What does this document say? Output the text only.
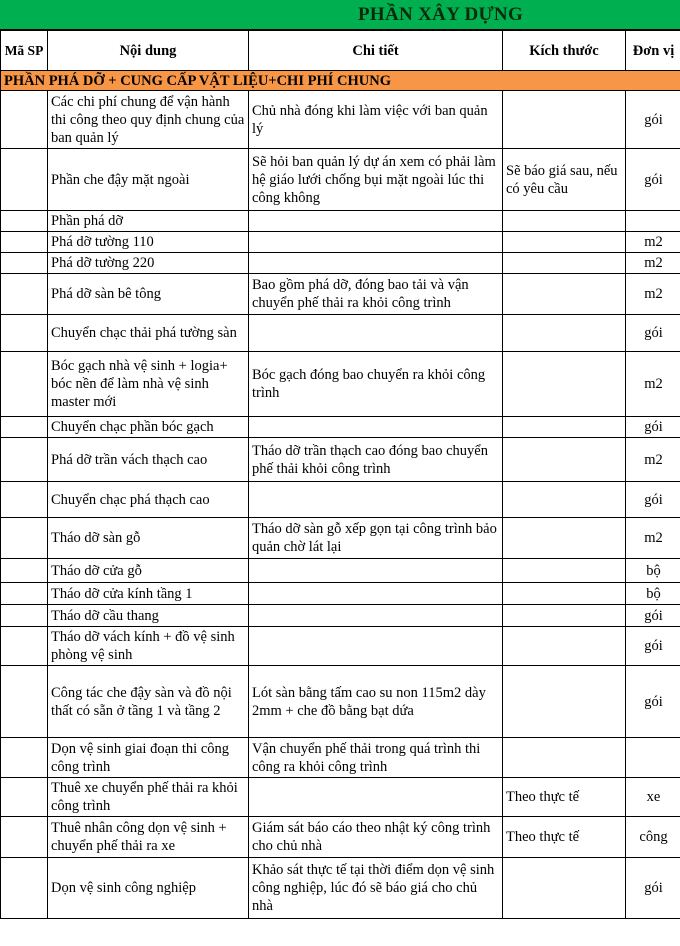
PHẦN XÂY DỰNG
Mã SP	Nội dung	Chi tiết	Kích thước	Đơn vị
PHẦN PHÁ DỠ + CUNG CẤP VẬT LIỆU+CHI PHÍ CHUNG				
	Các chi phí chung để vận hành thi công theo quy định chung của ban quản lý	Chủ nhà đóng khi làm việc với ban quản lý		gói
	Phần che đậy mặt ngoài	Sẽ hỏi ban quản lý dự án xem có phải làm hệ giáo lưới chống bụi mặt ngoài lúc thi công không	Sẽ báo giá sau, nếu có yêu cầu	gói
	Phần phá dỡ			
	Phá dỡ tường 110			m2
	Phá dỡ tường 220			m2
	Phá dỡ sàn bê tông	Bao gồm phá dỡ, đóng bao tải và vận chuyển phế thải ra khỏi công trình		m2
	Chuyển chạc thải phá tường sàn			gói
	Bóc gạch nhà vệ sinh + logia+ bóc nền để làm nhà vệ sinh master mới	Bóc gạch đóng bao chuyển ra khỏi công trình		m2
	Chuyển chạc phần bóc gạch			gói
	Phá dỡ trần vách thạch cao	Tháo dỡ trần thạch cao đóng bao chuyển phế thải khỏi công trình		m2
	Chuyển chạc phá thạch cao			gói
	Tháo dỡ sàn gỗ	Tháo dỡ sàn gỗ xếp gọn tại công trình bảo quản chờ lát lại		m2
	Tháo dỡ cửa gỗ			bộ
	Tháo dỡ cửa kính tầng 1			bộ
	Tháo dỡ cầu thang			gói
	Tháo dỡ vách kính + đồ vệ sinh phòng vệ sinh			gói
	Công tác che đậy sàn và đồ nội thất có sẵn ở tầng 1 và tầng 2	Lót sàn bằng tấm cao su non 115m2 dày 2mm + che đồ bằng bạt dứa		gói
	Dọn vệ sinh giai đoạn thi công công trình	Vận chuyển phế thải trong quá trình thi công ra khỏi công trình		
	Thuê xe chuyển phế thải ra khỏi công trình		Theo thực tế	xe
	Thuê nhân công dọn vệ sinh + chuyển phế thải ra xe	Giám sát báo cáo theo nhật ký công trình cho chủ nhà	Theo thực tế	công
	Dọn vệ sinh công nghiệp	Khảo sát thực tế tại thời điểm dọn vệ sinh công nghiệp, lúc đó sẽ báo giá cho chủ nhà		gói
